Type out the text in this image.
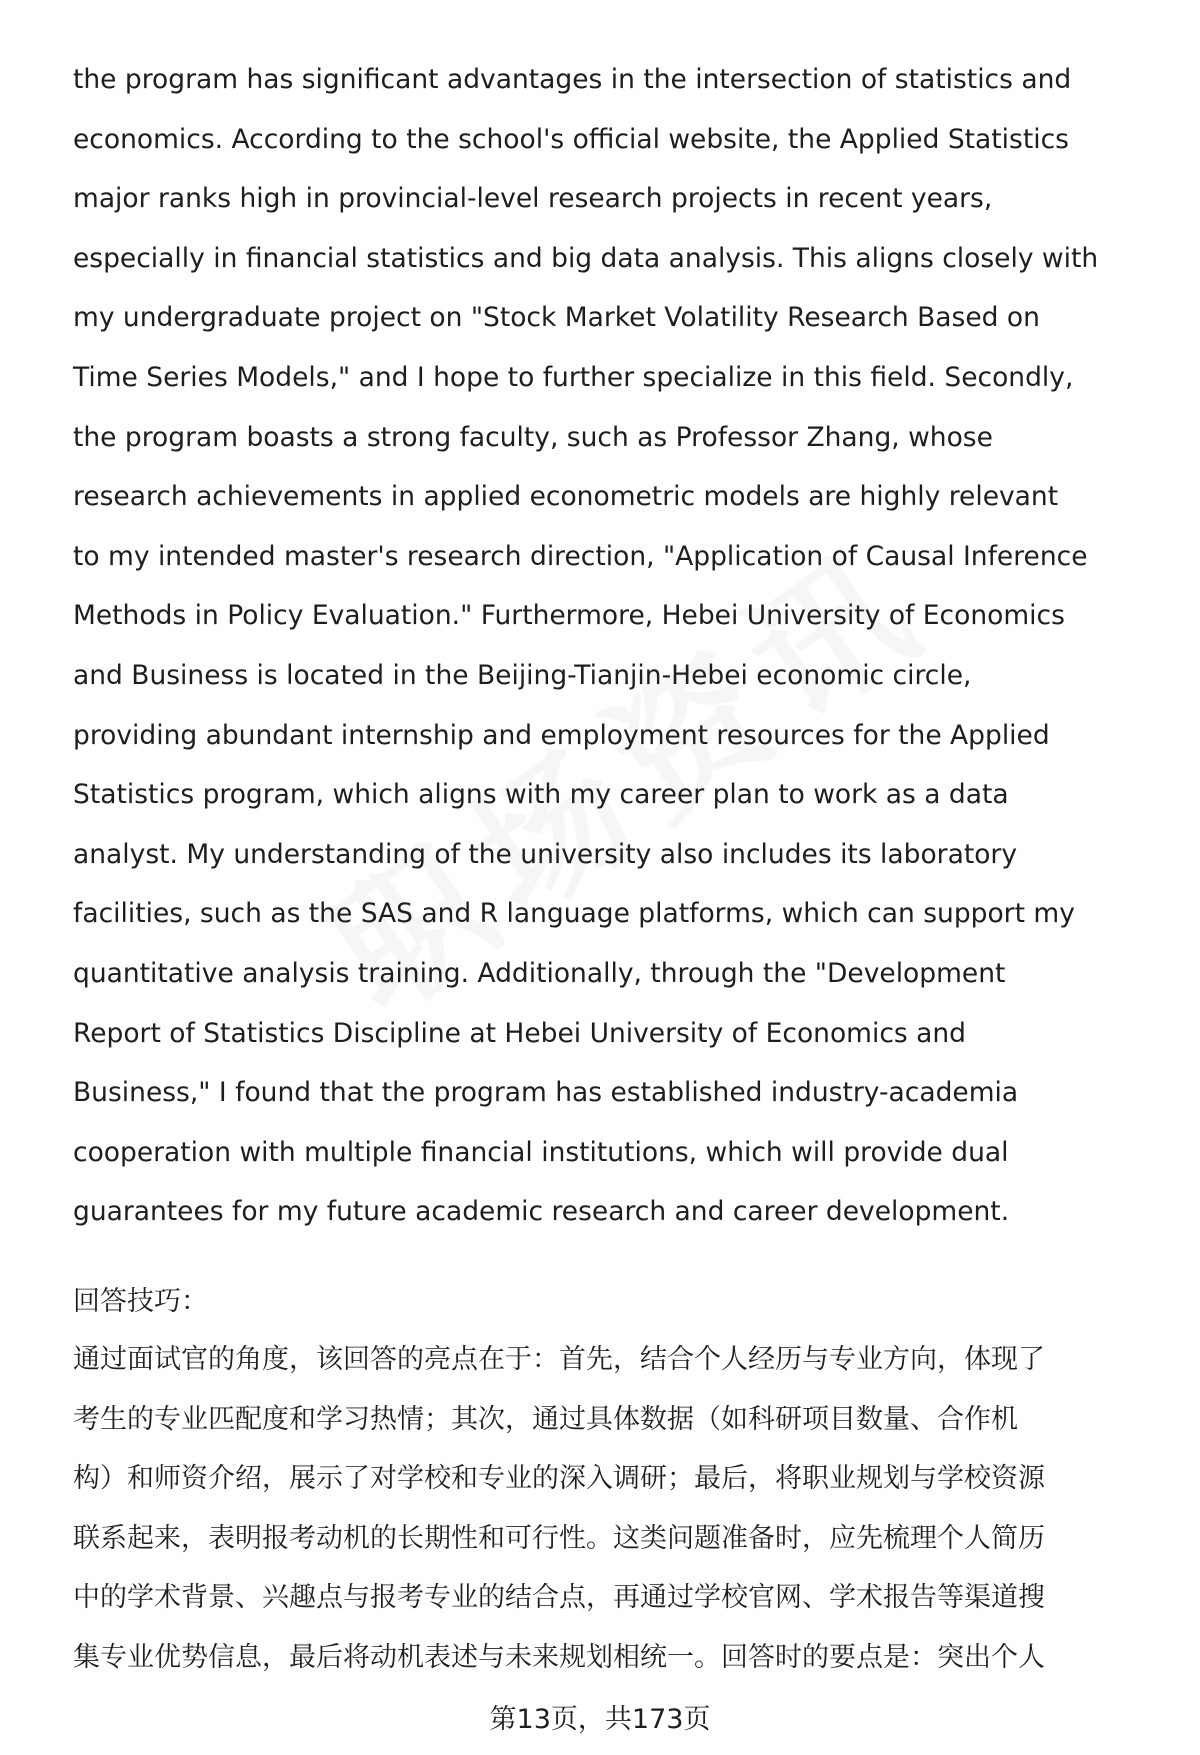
the program has significant advantages in the intersection of statistics and
economics. According to the school's official website, the Applied Statistics
major ranks high in provincial-level research projects in recent years,
especially in financial statistics and big data analysis. This aligns closely with
my undergraduate project on "Stock Market Volatility Research Based on
Time Series Models," and I hope to further specialize in this field. Secondly,
the program boasts a strong faculty, such as Professor Zhang, whose
research achievements in applied econometric models are highly relevant
to my intended master's research direction, "Application of Causal Inference
Methods in Policy Evaluation." Furthermore, Hebei University of Economics
and Business is located in the Beijing-Tianjin-Hebei economic circle,
providing abundant internship and employment resources for the Applied
Statistics program, which aligns with my career plan to work as a data
analyst. My understanding of the university also includes its laboratory
facilities, such as the SAS and R language platforms, which can support my
quantitative analysis training. Additionally, through the "Development
Report of Statistics Discipline at Hebei University of Economics and
Business," I found that the program has established industry-academia
cooperation with multiple financial institutions, which will provide dual
guarantees for my future academic research and career development.
回答技巧：
通过面试官的角度，该回答的亮点在于：首先，结合个人经历与专业方向，体现了
考生的专业匹配度和学习热情；其次，通过具体数据（如科研项目数量、合作机
构）和师资介绍，展示了对学校和专业的深入调研；最后，将职业规划与学校资源
联系起来，表明报考动机的长期性和可行性。这类问题准备时，应先梳理个人简历
中的学术背景、兴趣点与报考专业的结合点，再通过学校官网、学术报告等渠道搜
集专业优势信息，最后将动机表述与未来规划相统一。回答时的要点是：突出个人
第13页，共173页
